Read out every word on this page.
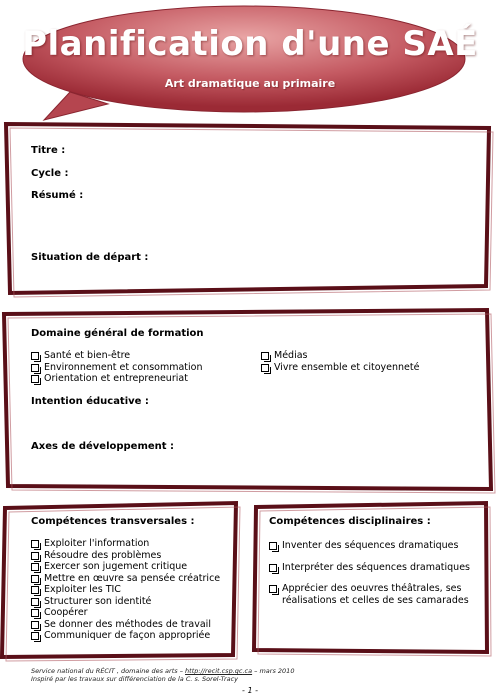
Planification d'une SAÉ
Art dramatique au primaire
Titre :
Cycle :
Résumé :
Situation de départ :
Domaine général de formation
Santé et bien-être
Environnement et consommation
Orientation et entrepreneuriat
Médias
Vivre ensemble et citoyenneté
Intention éducative :
Axes de développement :
Compétences transversales :
Exploiter l'information
Résoudre des problèmes
Exercer son jugement critique
Mettre en œuvre sa pensée créatrice
Exploiter les TIC
Structurer son identité
Coopérer
Se donner des méthodes de travail
Communiquer de façon appropriée
Compétences disciplinaires :
Inventer des séquences dramatiques
Interpréter des séquences dramatiques
Apprécier des oeuvres théâtrales, ses
réalisations et celles de ses camarades
Service national du RÉCIT , domaine des arts – http://recit.csp.qc.ca – mars 2010
Inspiré par les travaux sur différenciation de la C. s. Sorel-Tracy
- 1 -
